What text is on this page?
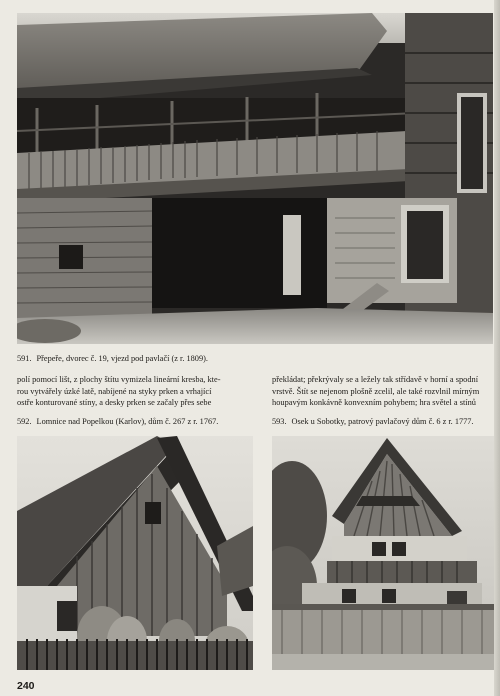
591. Přepeře, dvorec č. 19, vjezd pod pavlačí (z r. 1809).

polí pomocí lišt, z plochy štítu vymizela lineární kresba, kte-
rou vytvářely úzké latě, nabíjené na styky prken a vrhající
ostře konturované stíny, a desky prken se začaly přes sebe

překládat; překrývaly se a ležely tak střídavě v horní a spodní
vrstvě. Štít se nejenom plošně zcelil, ale také rozvlnil mírným
houpavým konkávně konvexním pohybem; hra světel a stínů

592. Lomnice nad Popelkou (Karlov), dům č. 267 z r. 1767.	593. Osek u Sobotky, patrový pavlačový dům č. 6 z r. 1777.
240
